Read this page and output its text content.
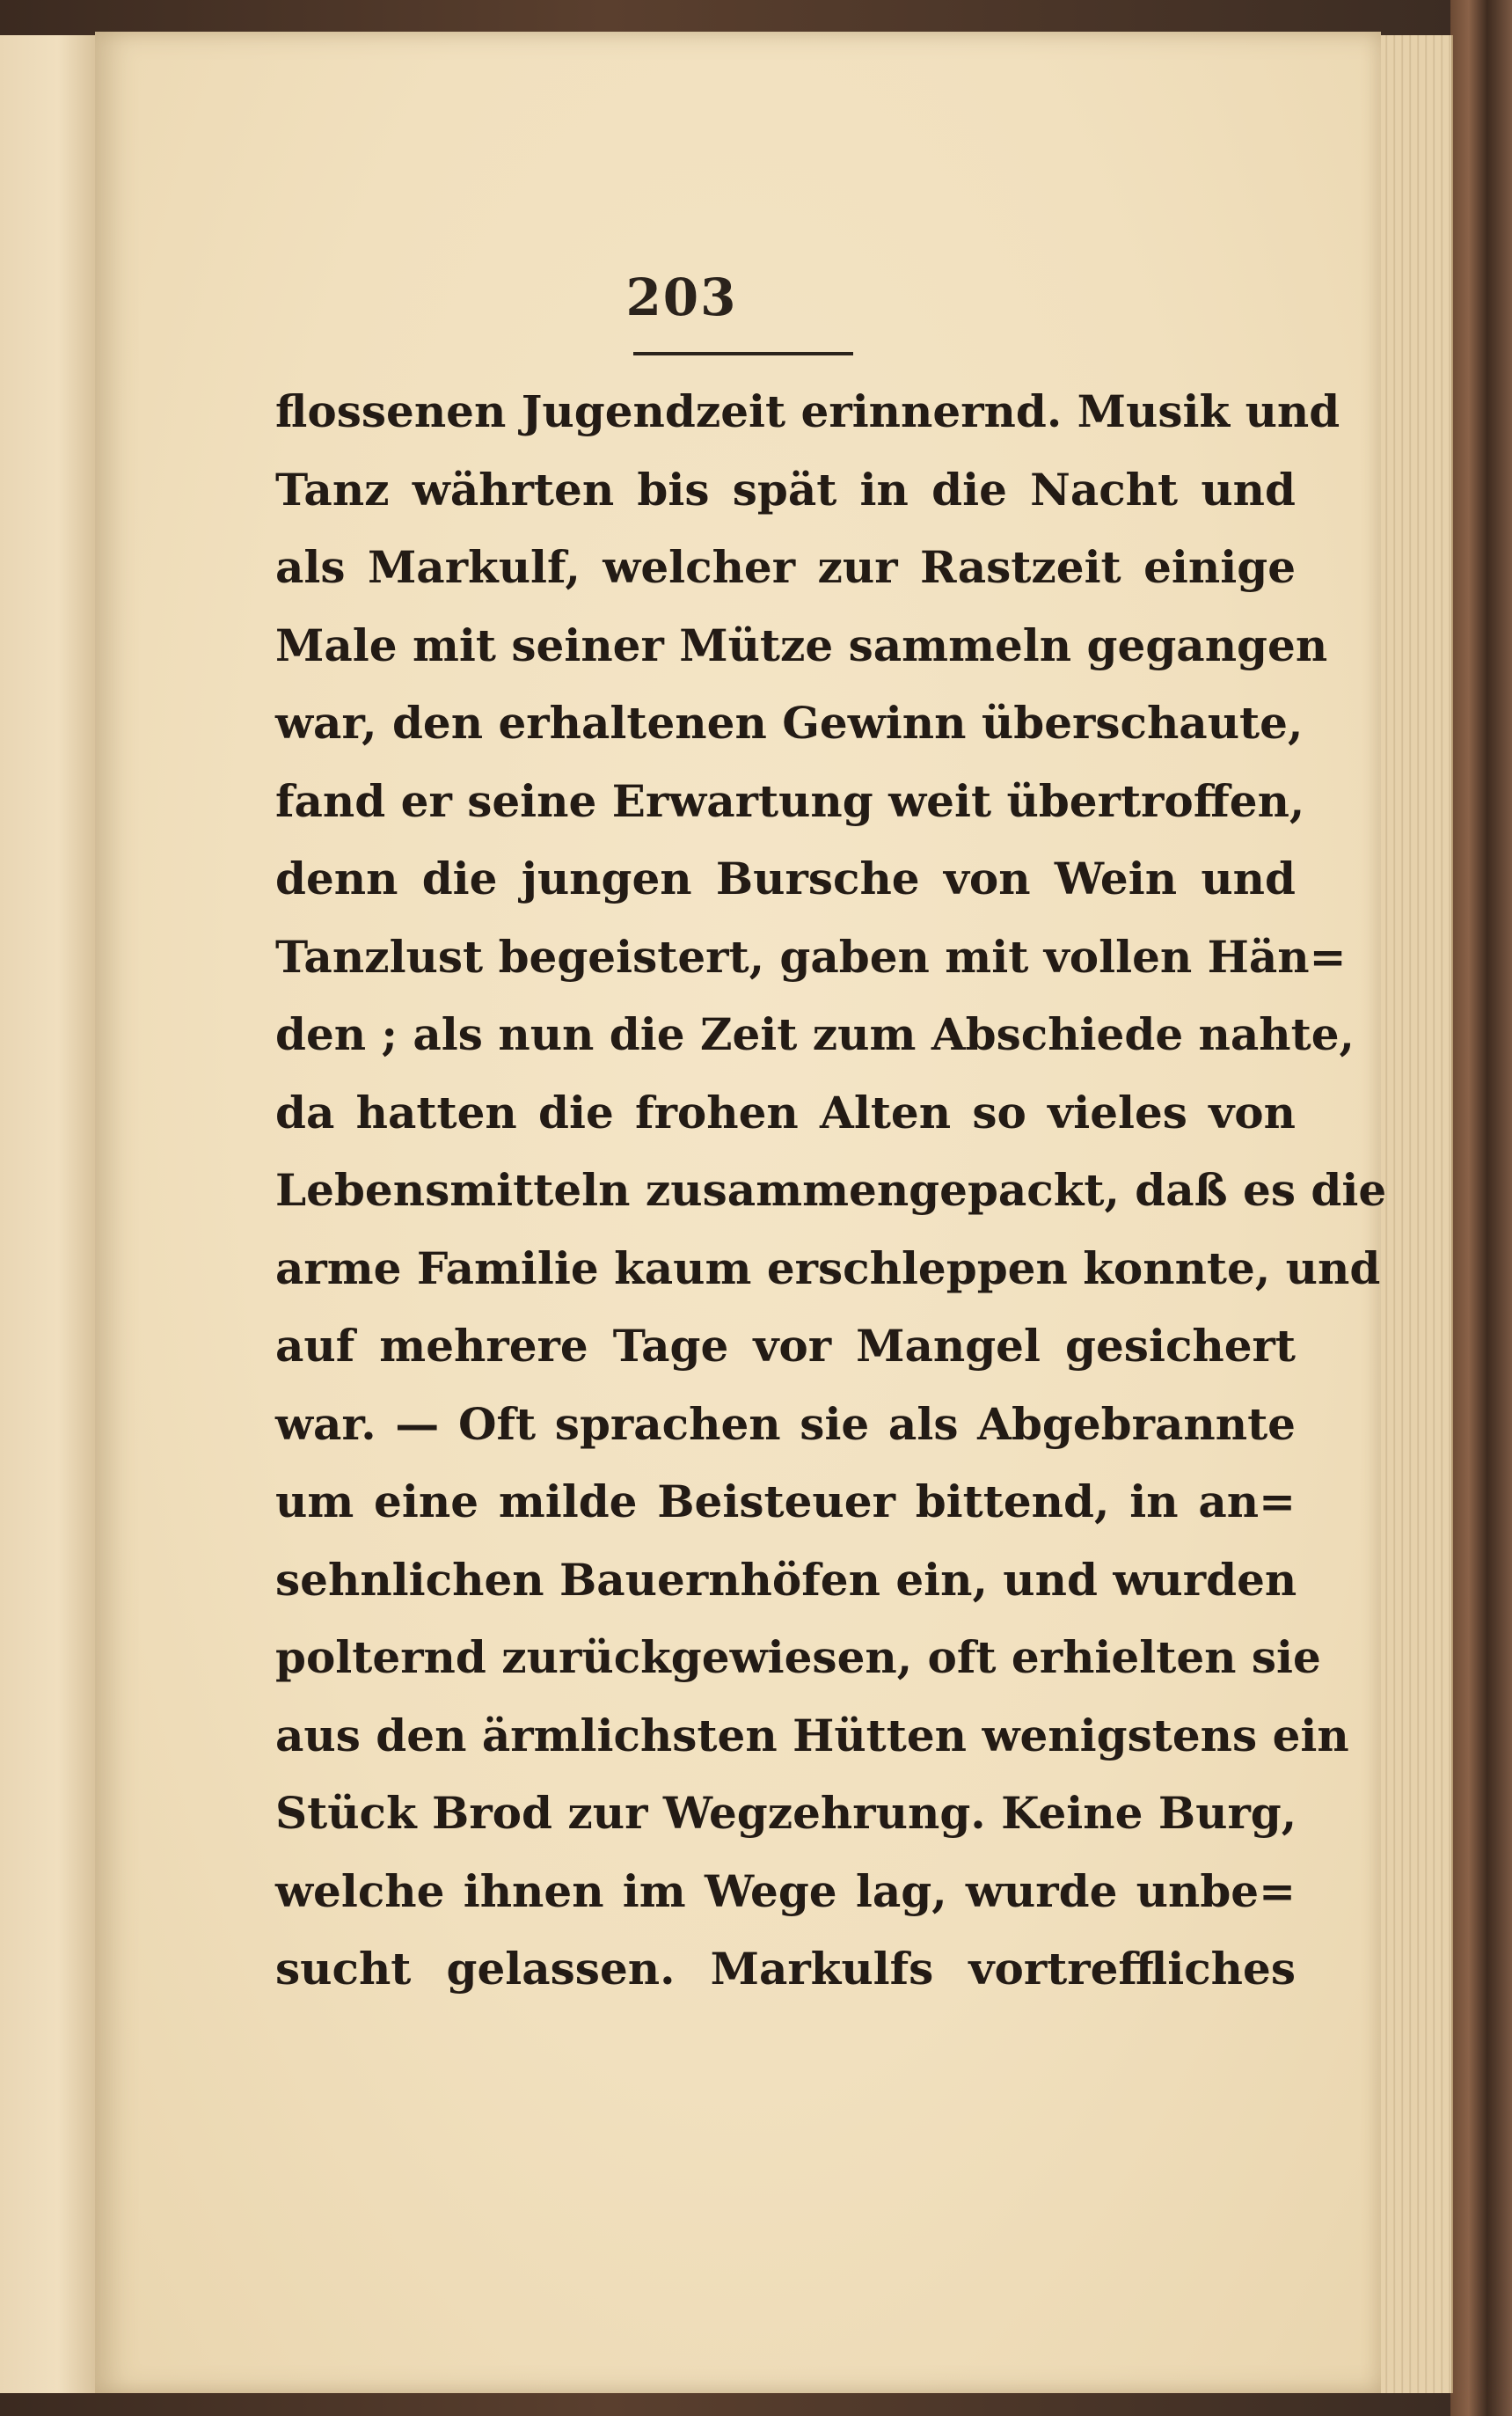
203
flossenen Jugendzeit erinnernd. Musik und
Tanz währten bis spät in die Nacht und
als Markulf, welcher zur Rastzeit einige
Male mit seiner Mütze sammeln gegangen
war, den erhaltenen Gewinn überschaute,
fand er seine Erwartung weit übertroffen,
denn die jungen Bursche von Wein und
Tanzlust begeistert, gaben mit vollen Hän=
den ; als nun die Zeit zum Abschiede nahte,
da hatten die frohen Alten so vieles von
Lebensmitteln zusammengepackt, daß es die
arme Familie kaum erschleppen konnte, und
auf mehrere Tage vor Mangel gesichert
war. — Oft sprachen sie als Abgebrannte
um eine milde Beisteuer bittend, in an=
sehnlichen Bauernhöfen ein, und wurden
polternd zurückgewiesen, oft erhielten sie
aus den ärmlichsten Hütten wenigstens ein
Stück Brod zur Wegzehrung. Keine Burg,
welche ihnen im Wege lag, wurde unbe=
sucht gelassen. Markulfs vortreffliches
